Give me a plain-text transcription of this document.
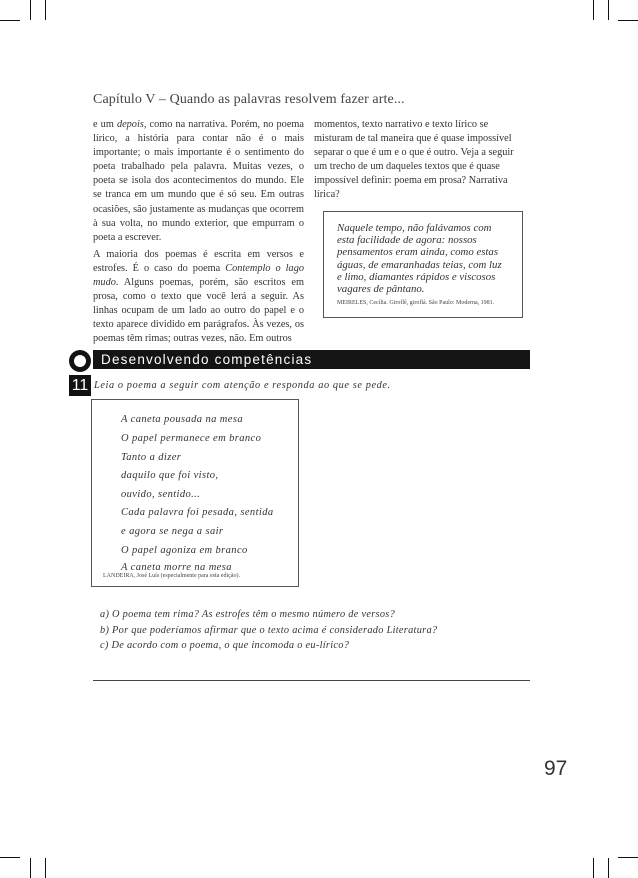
Capítulo V – Quando as palavras resolvem fazer arte...

e um depois, como na narrativa. Porém, no poema lírico, a história para contar não é o mais importante; o mais importante é o sentimento do poeta trabalhado pela palavra. Muitas vezes, o poeta se isola dos acontecimentos do mundo. Ele se tranca em um mundo que é só seu. Em outras ocasiões, são justamente as mudanças que ocorrem à sua volta, no mundo exterior, que empurram o poeta a escrever.

A maioria dos poemas é escrita em versos e estrofes. É o caso do poema Contemplo o lago mudo. Alguns poemas, porém, são escritos em prosa, como o texto que você lerá a seguir. As linhas ocupam de um lado ao outro do papel e o texto aparece dividido em parágrafos. Às vezes, os poemas têm rimas; outras vezes, não. Em outros

momentos, texto narrativo e texto lírico se misturam de tal maneira que é quase impossível separar o que é um e o que é outro. Veja a seguir um trecho de um daqueles textos que é quase impossível definir: poema em prosa? Narrativa lírica?

Naquele tempo, não falávamos com
esta facilidade de agora: nossos
pensamentos eram ainda, como estas
águas, de emaranhadas teias, com luz
e limo, diamantes rápidos e viscosos
vagares de pântano.
MEIRELES, Cecília. Giroflê, giroflá. São Paulo: Moderna, 1981.
11
Desenvolvendo competências
Leia o poema a seguir com atenção e responda ao que se pede.
A caneta pousada na mesa
O papel permanece em branco
Tanto a dizer
daquilo que foi visto,
ouvido, sentido...
Cada palavra foi pesada, sentida
e agora se nega a sair
O papel agoniza em branco
A caneta morre na mesa
LANDEIRA, José Luís (especialmente para esta edição).
a) O poema tem rima? As estrofes têm o mesmo número de versos?
b) Por que poderíamos afirmar que o texto acima é considerado Literatura?
c) De acordo com o poema, o que incomoda o eu-lírico?
97
